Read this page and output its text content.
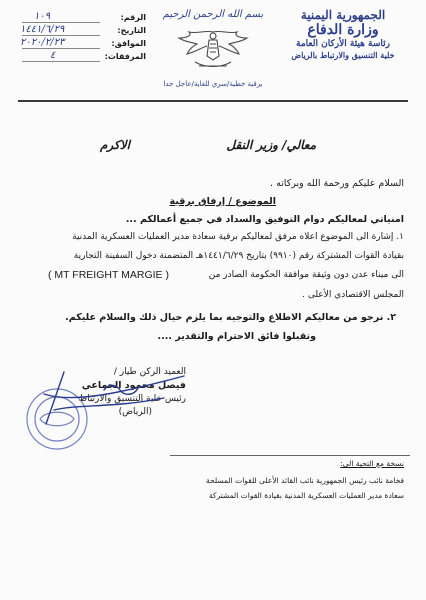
الجمهورية اليمنية
وزارة الدفاع
رئاسة هيئة الأركان العامة
خلية التنسيق والارتباط بالرياض
بسم الله الرحمن الرحيم
برقية خطية/سري للغاية/عاجل جدا
الرقم:
١٠٩
التاريخ:
١٤٤١/٦/٢٩
الموافق:
٢٠٢٠/٢/٢٣
المرفقات:
٤
معالي/ وزير النقل
الاكرم
السلام عليكم ورحمة الله وبركاته .
الموضوع / إرفاق برقية
امنياتي لمعاليكم دوام التوفيق والسداد في جميع أعمالكم ...
١. إشارة الى الموضوع اعلاه مرفق لمعاليكم برقية سعادة مدير العمليات العسكرية المدنية
بقيادة القوات المشتركة رقم (٩٩١٠) بتاريخ ١٤٤١/٦/٢٩هـ المتضمنة دخول السفينة التجارية
الى ميناء عدن دون وثيقة موافقة الحكومة الصادر من
( MT FREIGHT MARGIE )
المجلس الاقتصادي الأعلى .
٢. نرجو من معاليكم الاطلاع والتوجيه بما يلزم حيال ذلك والسلام عليكم.
وتقبلوا فائق الاحترام والتقدير ....
العميد الركن طيار /
فيصل محمود الجماعي
رئيس خلية التنسيق والارتباط
(الرياض)
نسخة مع التحية الى:
فخامة نائب رئيس الجمهورية نائب القائد الأعلى للقوات المسلحة
سعادة مدير العمليات العسكرية المدنية بقيادة القوات المشتركة
